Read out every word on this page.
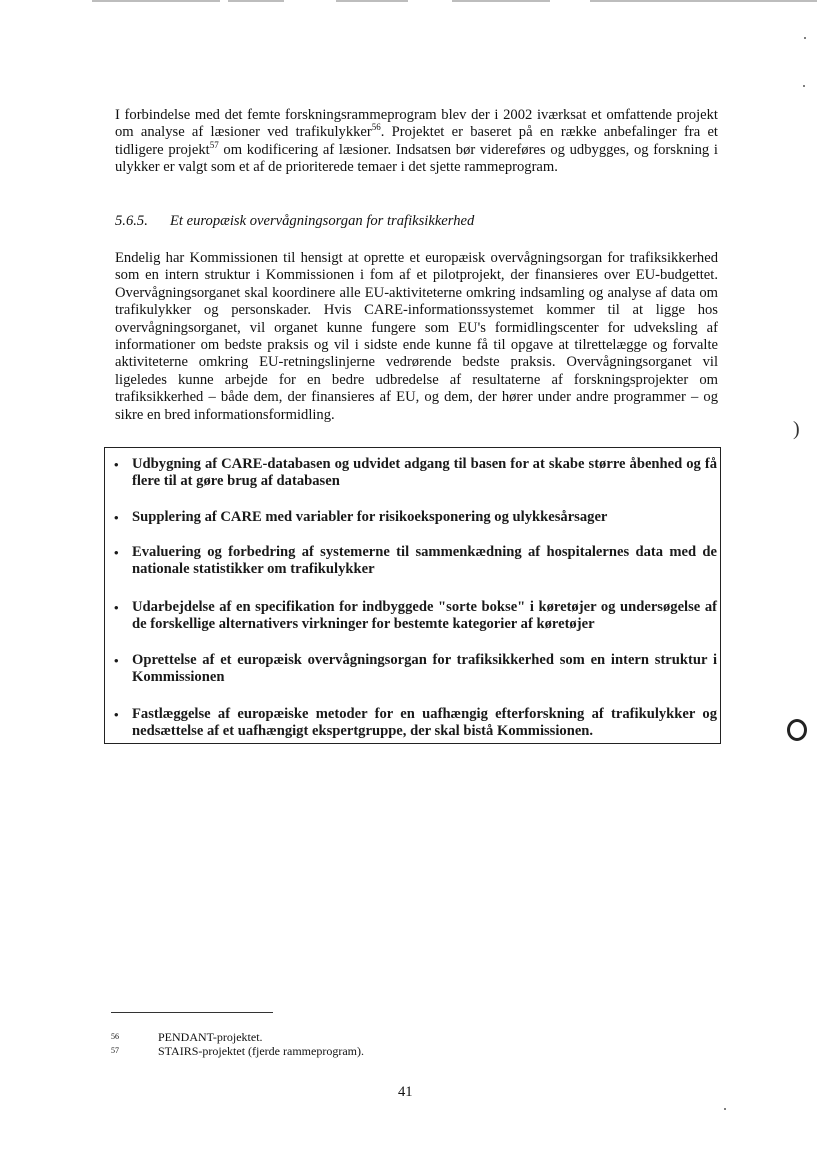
I forbindelse med det femte forskningsrammeprogram blev der i 2002 iværksat et omfattende projekt om analyse af læsioner ved trafikulykker$^{56}$. Projektet er baseret på en række anbefalinger fra et tidligere projekt$^{57}$ om kodificering af læsioner. Indsatsen bør videreføres og udbygges, og forskning i ulykker er valgt som et af de prioriterede temaer i det sjette rammeprogram.

5.6.5. Et europæisk overvågningsorgan for trafiksikkerhed

Endelig har Kommissionen til hensigt at oprette et europæisk overvågningsorgan for trafiksikkerhed som en intern struktur i Kommissionen i fom af et pilotprojekt, der finansieres over EU-budgettet. Overvågningsorganet skal koordinere alle EU-aktiviteterne omkring indsamling og analyse af data om trafikulykker og personskader. Hvis CARE-informationssystemet kommer til at ligge hos overvågningsorganet, vil organet kunne fungere som EU's formidlingscenter for udveksling af informationer om bedste praksis og vil i sidste ende kunne få til opgave at tilrettelægge og forvalte aktiviteterne omkring EU-retningslinjerne vedrørende bedste praksis. Overvågningsorganet vil ligeledes kunne arbejde for en bedre udbredelse af resultaterne af forskningsprojekter om trafiksikkerhed – både dem, der finansieres af EU, og dem, der hører under andre programmer – og sikre en bred informationsformidling.

• Udbygning af CARE-databasen og udvidet adgang til basen for at skabe større åbenhed og få flere til at gøre brug af databasen
• Supplering af CARE med variabler for risikoeksponering og ulykkesårsager
• Evaluering og forbedring af systemerne til sammenkædning af hospitalernes data med de nationale statistikker om trafikulykker
• Udarbejdelse af en specifikation for indbyggede "sorte bokse" i køretøjer og undersøgelse af de forskellige alternativers virkninger for bestemte kategorier af køretøjer
• Oprettelse af et europæisk overvågningsorgan for trafiksikkerhed som en intern struktur i Kommissionen
• Fastlæggelse af europæiske metoder for en uafhængig efterforskning af trafikulykker og nedsættelse af et uafhængigt ekspertgruppe, der skal bistå Kommissionen.
)
56	PENDANT-projektet.
57	STAIRS-projektet (fjerde rammeprogram).
41
